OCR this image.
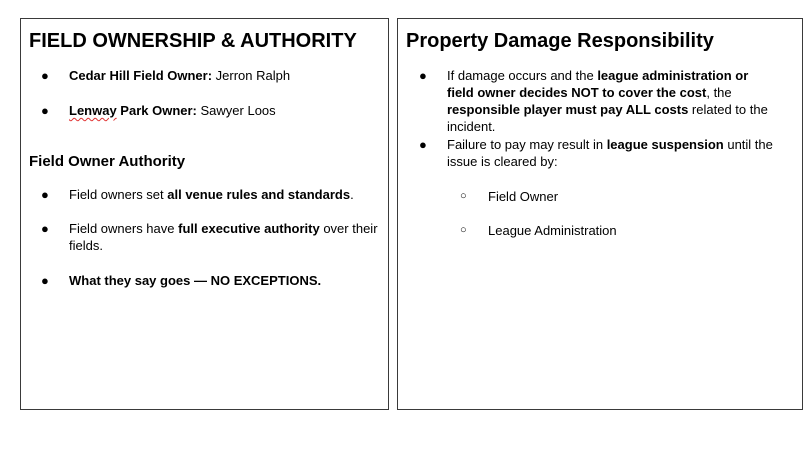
FIELD OWNERSHIP & AUTHORITY
● Cedar Hill Field Owner: Jerron Ralph
● Lenway Park Owner: Sawyer Loos
Field Owner Authority
● Field owners set all venue rules and standards.
● Field owners have full executive authority over their fields.
● What they say goes — NO EXCEPTIONS.
Property Damage Responsibility
● If damage occurs and the league administration or field owner decides NOT to cover the cost, the responsible player must pay ALL costs related to the incident.
● Failure to pay may result in league suspension until the issue is cleared by:
○ Field Owner
○ League Administration
